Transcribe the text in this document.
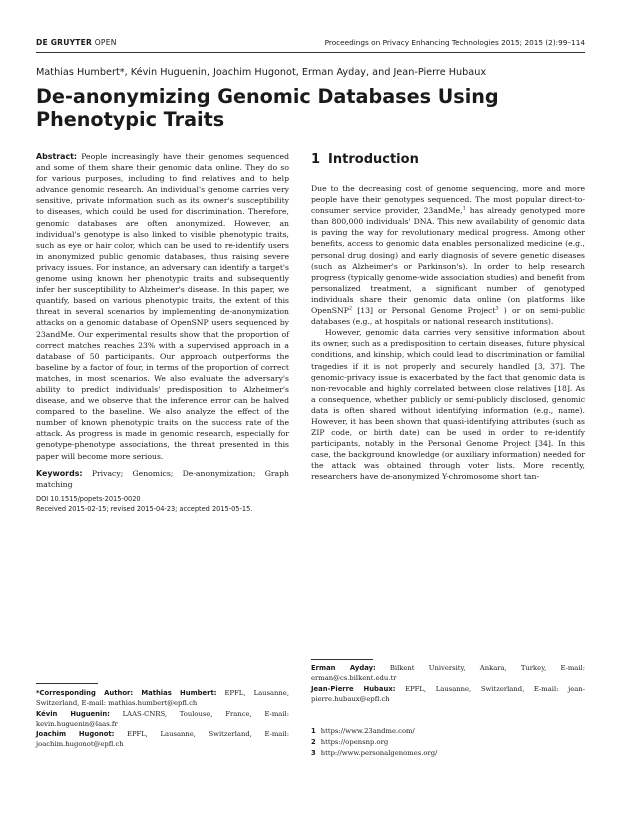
DE GRUYTER OPEN	Proceedings on Privacy Enhancing Technologies 2015; 2015 (2):99–114
Mathias Humbert*, Kévin Huguenin, Joachim Hugonot, Erman Ayday, and Jean-Pierre Hubaux
De-anonymizing Genomic Databases Using Phenotypic Traits

Abstract: People increasingly have their genomes sequenced and some of them share their genomic data online. They do so for various purposes, including to find relatives and to help advance genomic research. An individual's genome carries very sensitive, private information such as its owner's susceptibility to diseases, which could be used for discrimination. Therefore, genomic databases are often anonymized. However, an individual's genotype is also linked to visible phenotypic traits, such as eye or hair color, which can be used to re-identify users in anonymized public genomic databases, thus raising severe privacy issues. For instance, an adversary can identify a target's genome using known her phenotypic traits and subsequently infer her susceptibility to Alzheimer's disease. In this paper, we quantify, based on various phenotypic traits, the extent of this threat in several scenarios by implementing de-anonymization attacks on a genomic database of OpenSNP users sequenced by 23andMe. Our experimental results show that the proportion of correct matches reaches 23% with a supervised approach in a database of 50 participants. Our approach outperforms the baseline by a factor of four, in terms of the proportion of correct matches, in most scenarios. We also evaluate the adversary's ability to predict individuals' predisposition to Alzheimer's disease, and we observe that the inference error can be halved compared to the baseline. We also analyze the effect of the number of known phenotypic traits on the success rate of the attack. As progress is made in genomic research, especially for genotype-phenotype associations, the threat presented in this paper will become more serious.

Keywords: Privacy; Genomics; De-anonymization; Graph matching

DOI 10.1515/popets-2015-0020
Received 2015-02-15; revised 2015-04-23; accepted 2015-05-15.
1 Introduction

Due to the decreasing cost of genome sequencing, more and more people have their genotypes sequenced. The most popular direct-to-consumer service provider, 23andMe,$^1$ has already genotyped more than 800,000 individuals' DNA. This new availability of genomic data is paving the way for revolutionary medical progress. Among other benefits, access to genomic data enables personalized medicine (e.g., personal drug dosing) and early diagnosis of severe genetic diseases (such as Alzheimer's or Parkinson's). In order to help research progress (typically genome-wide association studies) and benefit from personalized treatment, a significant number of genotyped individuals share their genomic data online (on platforms like OpenSNP$^2$ [13] or Personal Genome Project$^3$ ) or on semi-public databases (e.g., at hospitals or national research institutions).

However, genomic data carries very sensitive information about its owner, such as a predisposition to certain diseases, future physical conditions, and kinship, which could lead to discrimination or familial tragedies if it is not properly and securely handled [3, 37]. The genomic-privacy issue is exacerbated by the fact that genomic data is non-revocable and highly correlated between close relatives [18]. As a consequence, whether publicly or semi-publicly disclosed, genomic data is often shared without identifying information (e.g., name). However, it has been shown that quasi-identifying attributes (such as ZIP code, or birth date) can be used in order to re-identify participants, notably in the Personal Genome Project [34]. In this case, the background knowledge (or auxiliary information) needed for the attack was obtained through voter lists. More recently, researchers have de-anonymized Y-chromosome short tan-

*Corresponding Author: Mathias Humbert: EPFL, Lausanne, Switzerland, E-mail: mathias.humbert@epfl.ch

Kévin Huguenin: LAAS-CNRS, Toulouse, France, E-mail: kevin.huguenin@laas.fr

Joachim Hugonot: EPFL, Lausanne, Switzerland, E-mail: joachim.hugonot@epfl.ch

Erman Ayday: Bilkent University, Ankara, Turkey, E-mail: erman@cs.bilkent.edu.tr

Jean-Pierre Hubaux: EPFL, Lausanne, Switzerland, E-mail: jean-pierre.hubaux@epfl.ch

1 https://www.23andme.com/

2 https://opensnp.org

3 http://www.personalgenomes.org/
